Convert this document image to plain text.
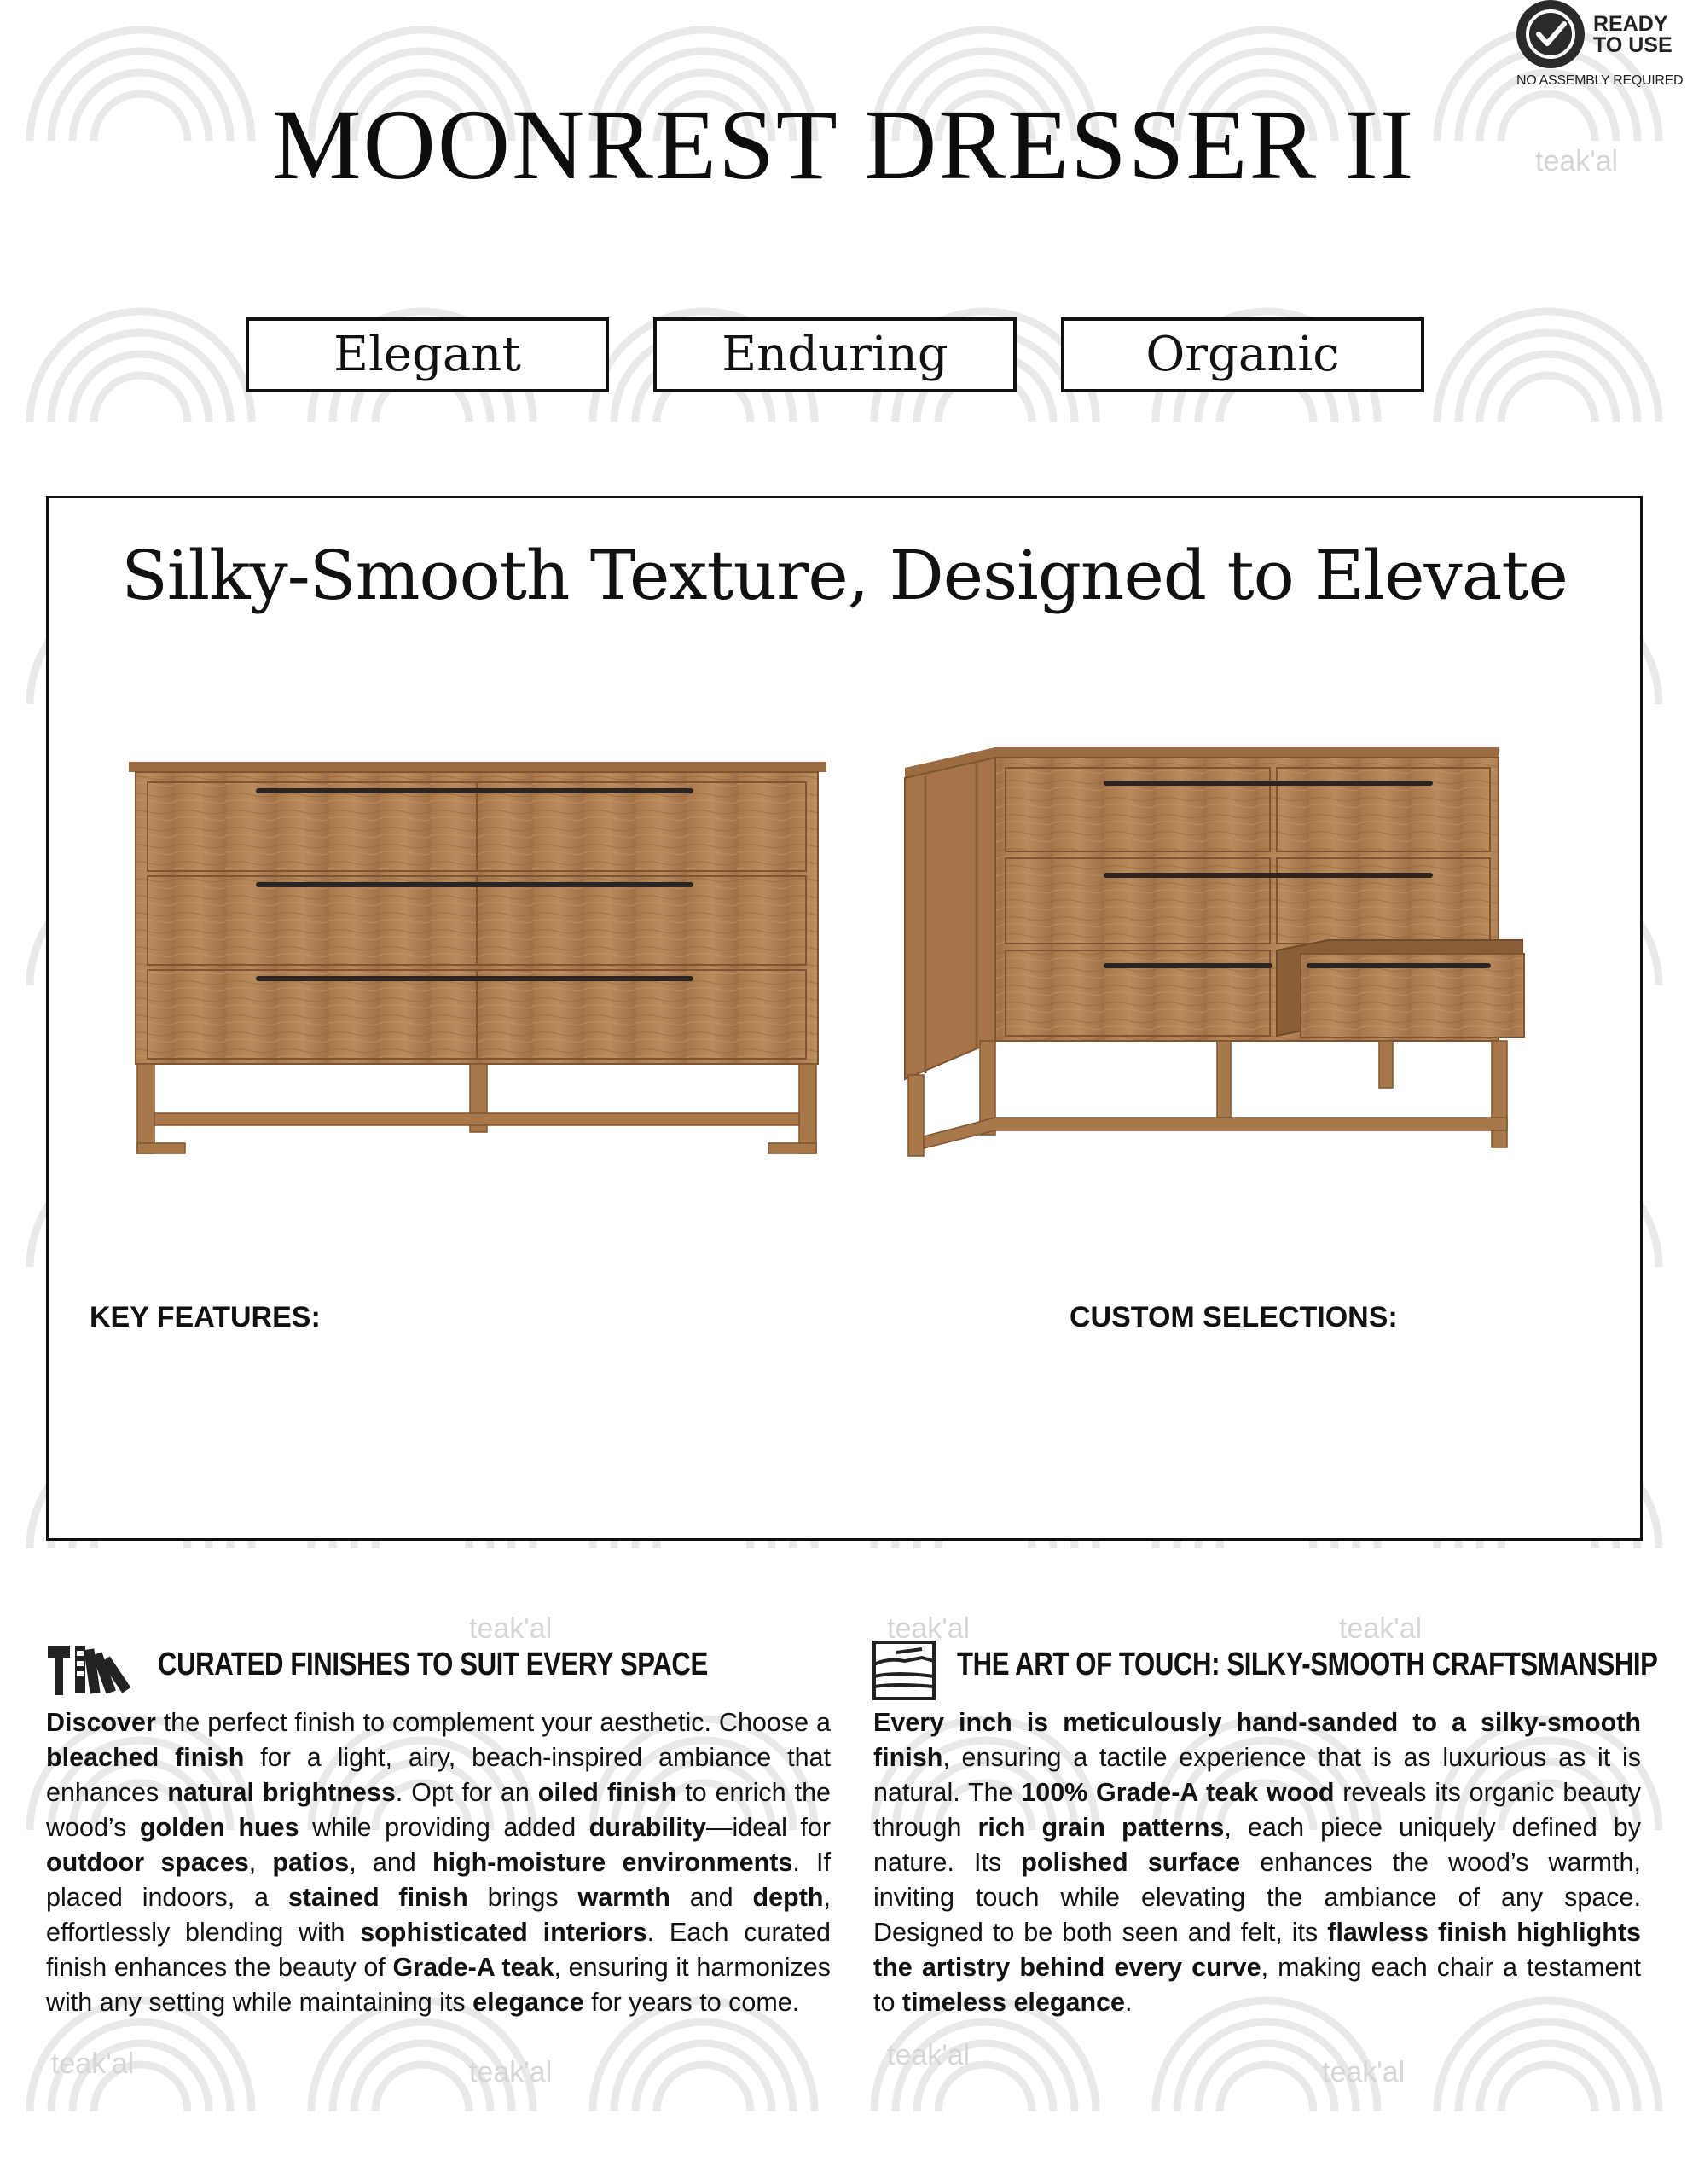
teak'al
teak'al	teak'al
teak'al
teak'al
teak'al
teak'al
teak'al
READY
TO USE
NO ASSEMBLY REQUIRED
MOONREST DRESSER II
Elegant	Enduring	Organic
Silky-Smooth Texture, Designed to Elevate
KEY FEATURES:	CUSTOM SELECTIONS:
CURATED FINISHES TO SUIT EVERY SPACE
Discover the perfect finish to complement your aesthetic. Choose a bleached finish for a light, airy, beach-inspired ambiance that enhances natural brightness. Opt for an oiled finish to enrich the wood’s golden hues while providing added durability—ideal for outdoor spaces, patios, and high-moisture environments. If placed indoors, a stained finish brings warmth and depth, effortlessly blending with sophisticated interiors. Each curated finish enhances the beauty of Grade-A teak, ensuring it harmonizes with any setting while maintaining its elegance for years to come.
THE ART OF TOUCH: SILKY-SMOOTH CRAFTSMANSHIP
Every inch is meticulously hand-sanded to a silky-smooth finish, ensuring a tactile experience that is as luxurious as it is natural. The 100% Grade-A teak wood reveals its organic beauty through rich grain patterns, each piece uniquely defined by nature. Its polished surface enhances the wood’s warmth, inviting touch while elevating the ambiance of any space. Designed to be both seen and felt, its flawless finish highlights the artistry behind every curve, making each chair a testament to timeless elegance.
